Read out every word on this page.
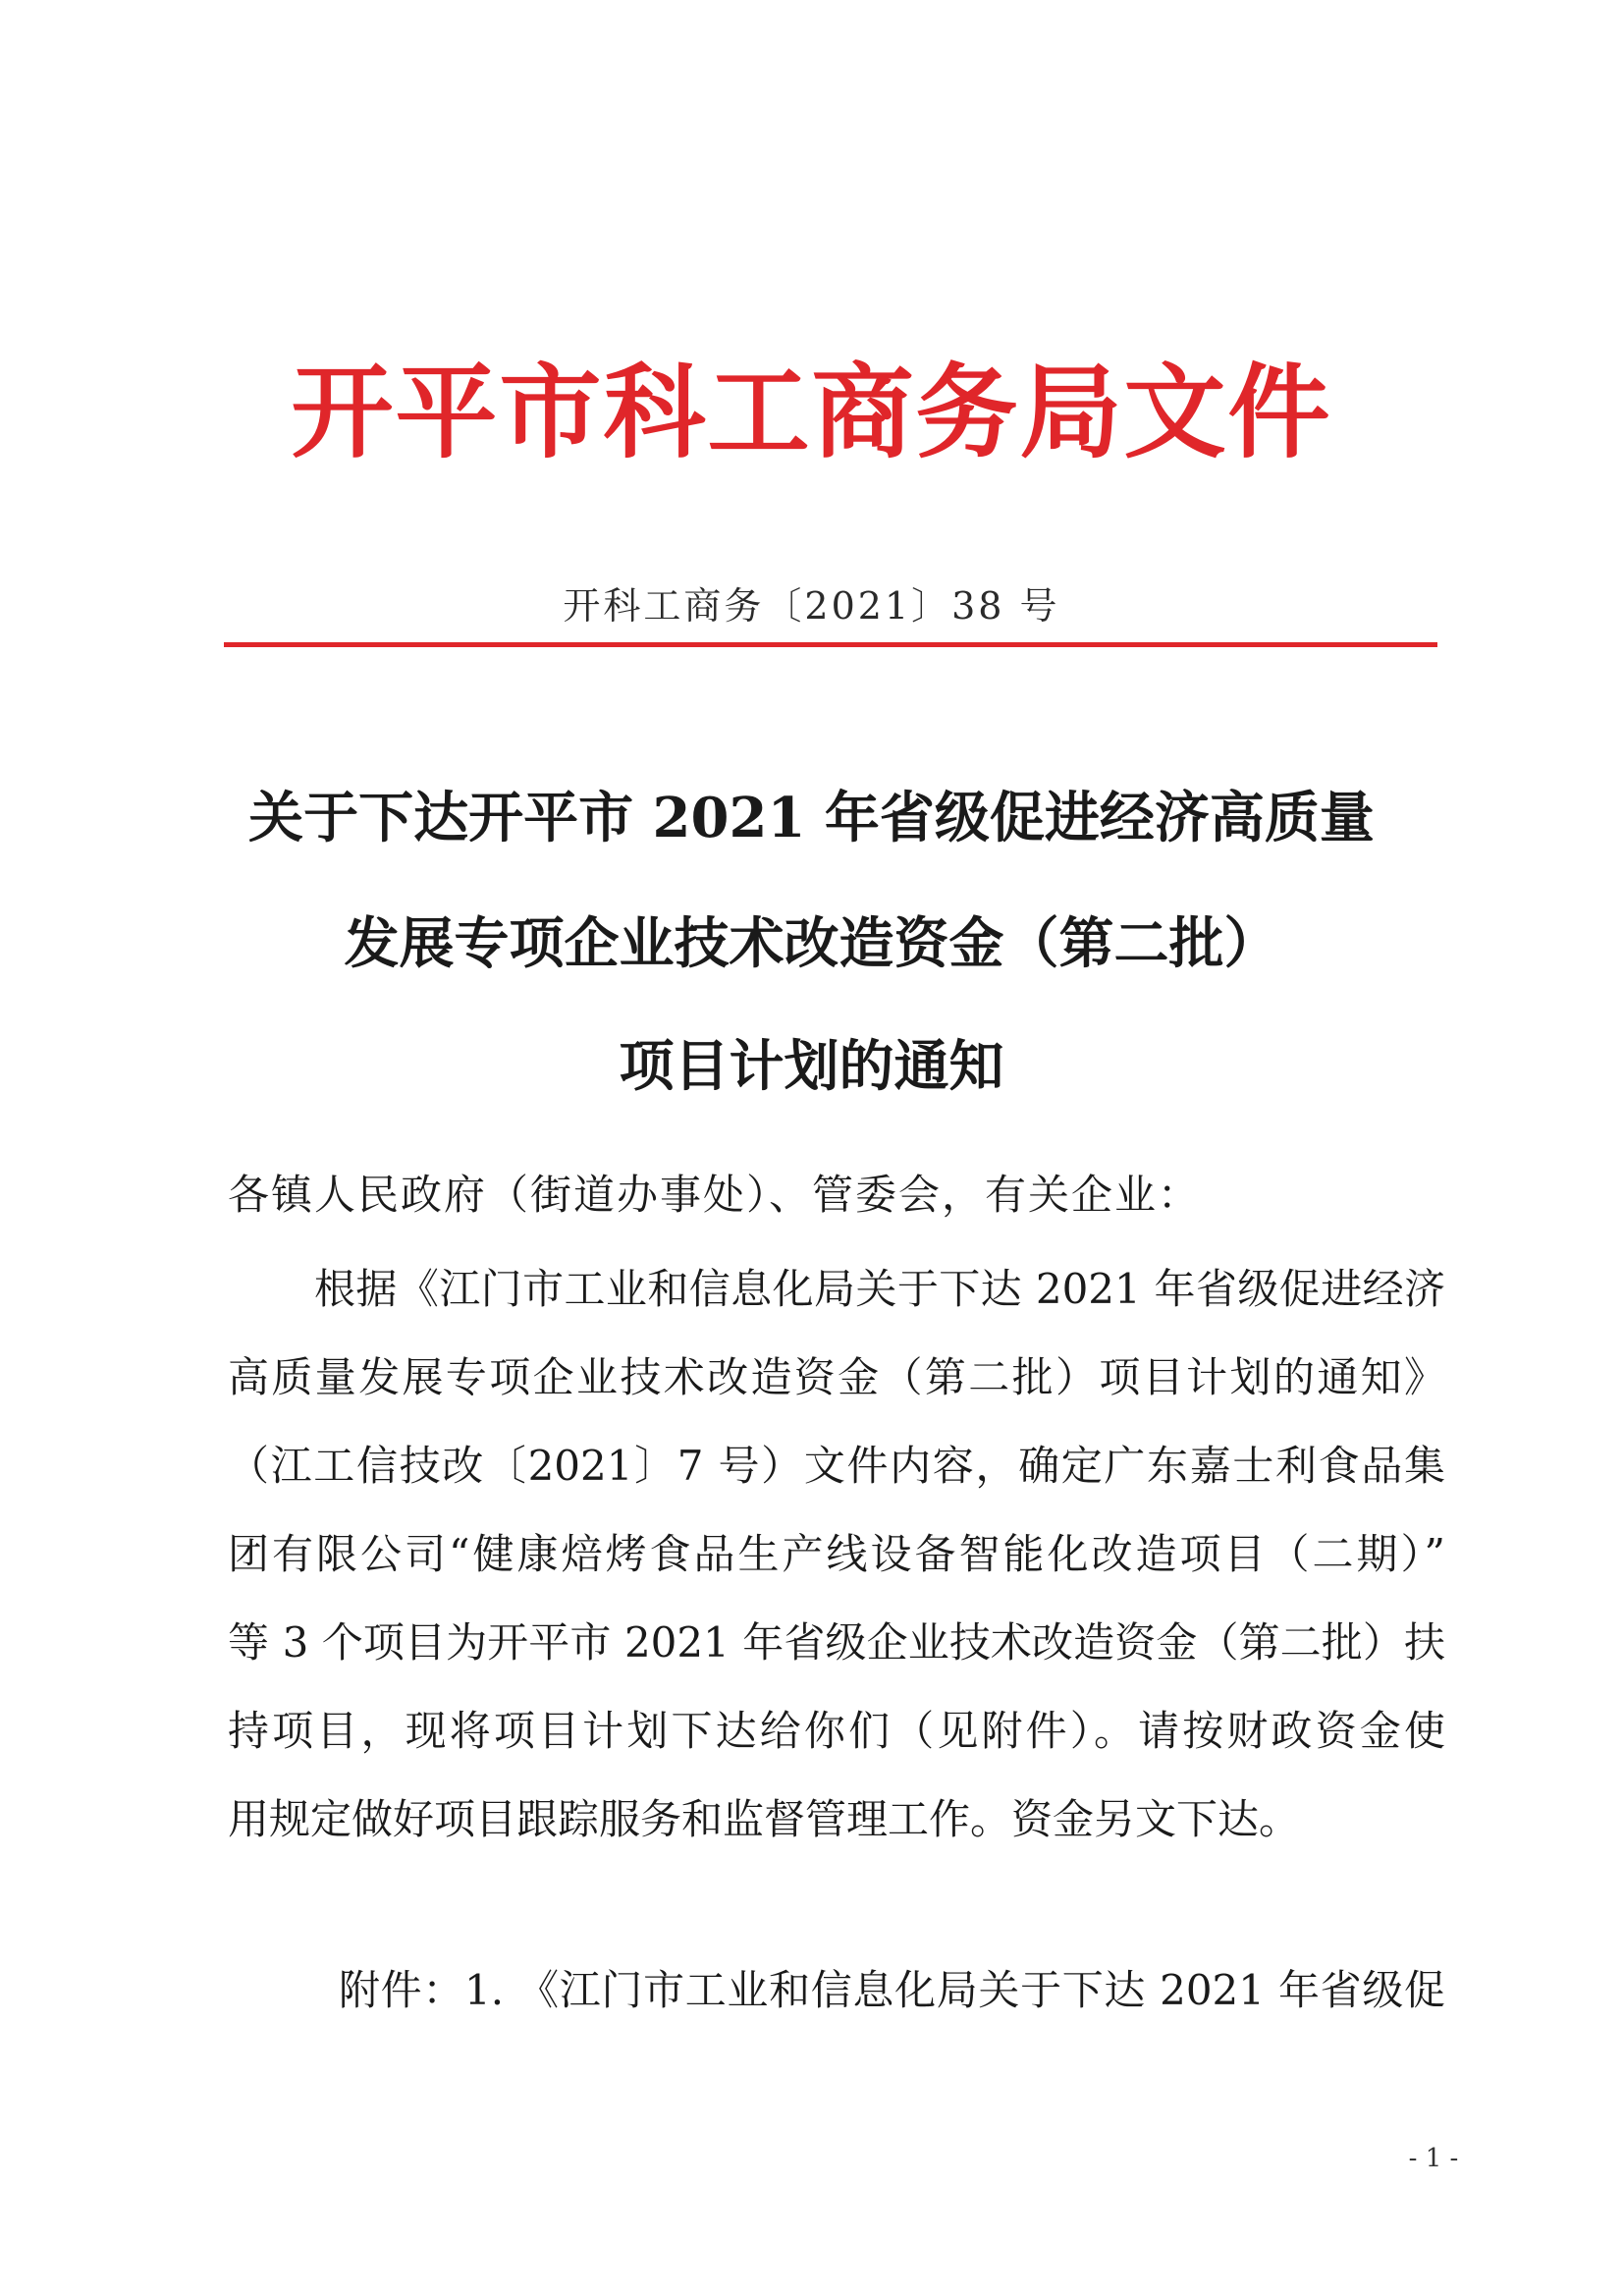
开平市科工商务局文件
开科工商务〔2021〕38 号
关于下达开平市 2021 年省级促进经济高质量
发展专项企业技术改造资金（第二批）
项目计划的通知
各镇人民政府（街道办事处）、管委会，有关企业：
根据《江门市工业和信息化局关于下达 2021 年省级促进经济
高质量发展专项企业技术改造资金（第二批）项目计划的通知》
（江工信技改〔2021〕7 号）文件内容，确定广东嘉士利食品集
团有限公司“健康焙烤食品生产线设备智能化改造项目（二期）”
等 3 个项目为开平市 2021 年省级企业技术改造资金（第二批）扶
持项目，现将项目计划下达给你们（见附件）。请按财政资金使
用规定做好项目跟踪服务和监督管理工作。资金另文下达。
附件：1. 《江门市工业和信息化局关于下达 2021 年省级促
- 1 -
